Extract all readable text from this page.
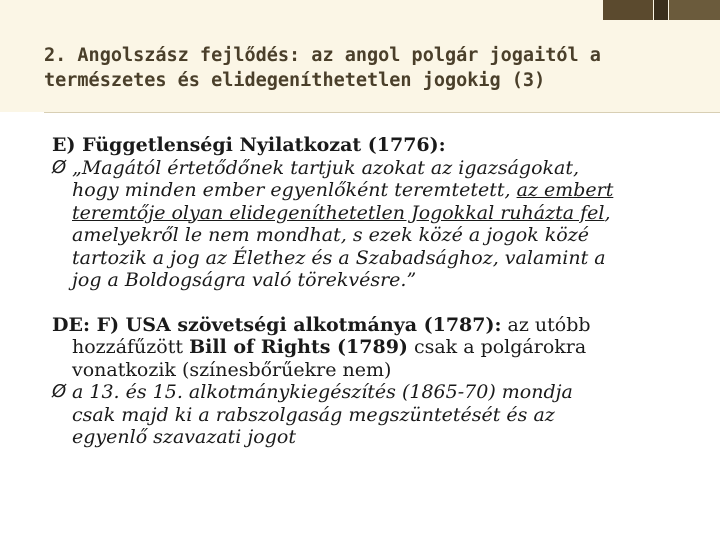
2. Angolszász fejlődés: az angol polgár jogaitól a
természetes és elidegeníthetetlen jogokig (3)

E) Függetlenségi Nyilatkozat (1776):

Ø „Magától értetődőnek tartjuk azokat az igazságokat,

hogy minden ember egyenlőként teremtetett, az embert

teremtője olyan elidegeníthetetlen Jogokkal ruházta fel,

amelyekről le nem mondhat, s ezek közé a jogok közé

tartozik a jog az Élethez és a Szabadsághoz, valamint a

jog a Boldogságra való törekvésre.”

DE: F) USA szövetségi alkotmánya (1787): az utóbb

hozzáfűzött Bill of Rights (1789) csak a polgárokra

vonatkozik (színesbőrűekre nem)

Ø a 13. és 15. alkotmánykiegészítés (1865-70) mondja

csak majd ki a rabszolgaság megszüntetését és az

egyenlő szavazati jogot
